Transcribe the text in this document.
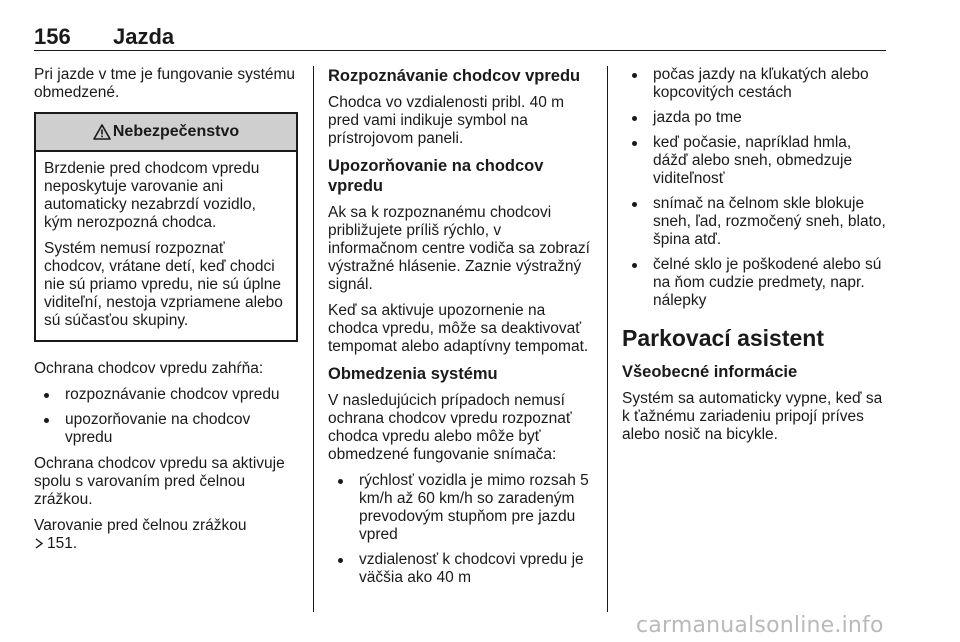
156 Jazda

Pri jazde v tme je fungovanie systému obmedzené.

Nebezpečenstvo

Brzdenie pred chodcom vpredu neposkytuje varovanie ani automaticky nezabrzdí vozidlo, kým nerozpozná chodca.

Systém nemusí rozpoznať chodcov, vrátane detí, keď chodci nie sú priamo vpredu, nie sú úplne viditeľní, nestoja vzpriamene alebo sú súčasťou skupiny.

Ochrana chodcov vpredu zahŕňa:

rozpoznávanie chodcov vpredu
upozorňovanie na chodcov vpredu

Ochrana chodcov vpredu sa aktivuje spolu s varovaním pred čelnou zrážkou.

Varovanie pred čelnou zrážkou
151.

Rozpoznávanie chodcov vpredu

Chodca vo vzdialenosti pribl. 40 m pred vami indikuje symbol na prístrojovom paneli.

Upozorňovanie na chodcov vpredu

Ak sa k rozpoznanému chodcovi približujete príliš rýchlo, v informačnom centre vodiča sa zobrazí výstražné hlásenie. Zaznie výstražný signál.

Keď sa aktivuje upozornenie na chodca vpredu, môže sa deaktivovať tempomat alebo adaptívny tempomat.

Obmedzenia systému

V nasledujúcich prípadoch nemusí ochrana chodcov vpredu rozpoznať chodca vpredu alebo môže byť obmedzené fungovanie snímača:

rýchlosť vozidla je mimo rozsah 5 km/h až 60 km/h so zaradeným prevodovým stupňom pre jazdu vpred
vzdialenosť k chodcovi vpredu je väčšia ako 40 m
počas jazdy na kľukatých alebo kopcovitých cestách
jazda po tme
keď počasie, napríklad hmla, dážď alebo sneh, obmedzuje viditeľnosť
snímač na čelnom skle blokuje sneh, ľad, rozmočený sneh, blato, špina atď.
čelné sklo je poškodené alebo sú na ňom cudzie predmety, napr. nálepky
Parkovací asistent
Všeobecné informácie

Systém sa automaticky vypne, keď sa k ťažnému zariadeniu pripojí príves alebo nosič na bicykle.

carmanualsonline.info
